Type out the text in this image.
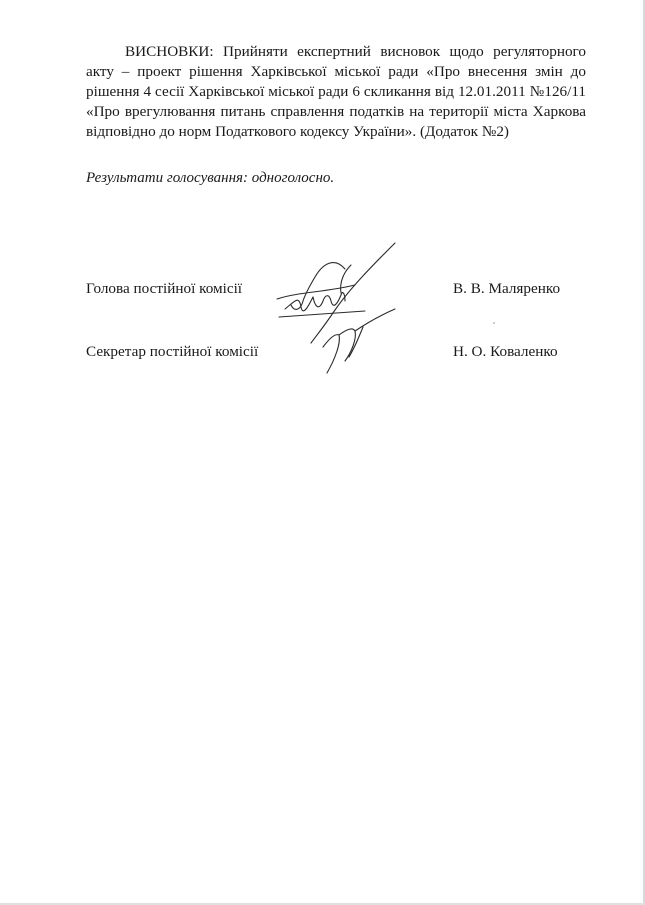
ВИСНОВКИ: Прийняти експертний висновок щодо регуляторного акту – проект рішення Харківської міської ради «Про внесення змін до рішення 4 сесії Харківської міської ради 6 скликання від 12.01.2011 №126/11 «Про врегулювання питань справлення податків на території міста Харкова відповідно до норм Податкового кодексу України». (Додаток №2)

Результати голосування: одноголосно.

Голова постійної комісії	В. В. Маляренко
Секретар постійної комісії	Н. О. Коваленко
